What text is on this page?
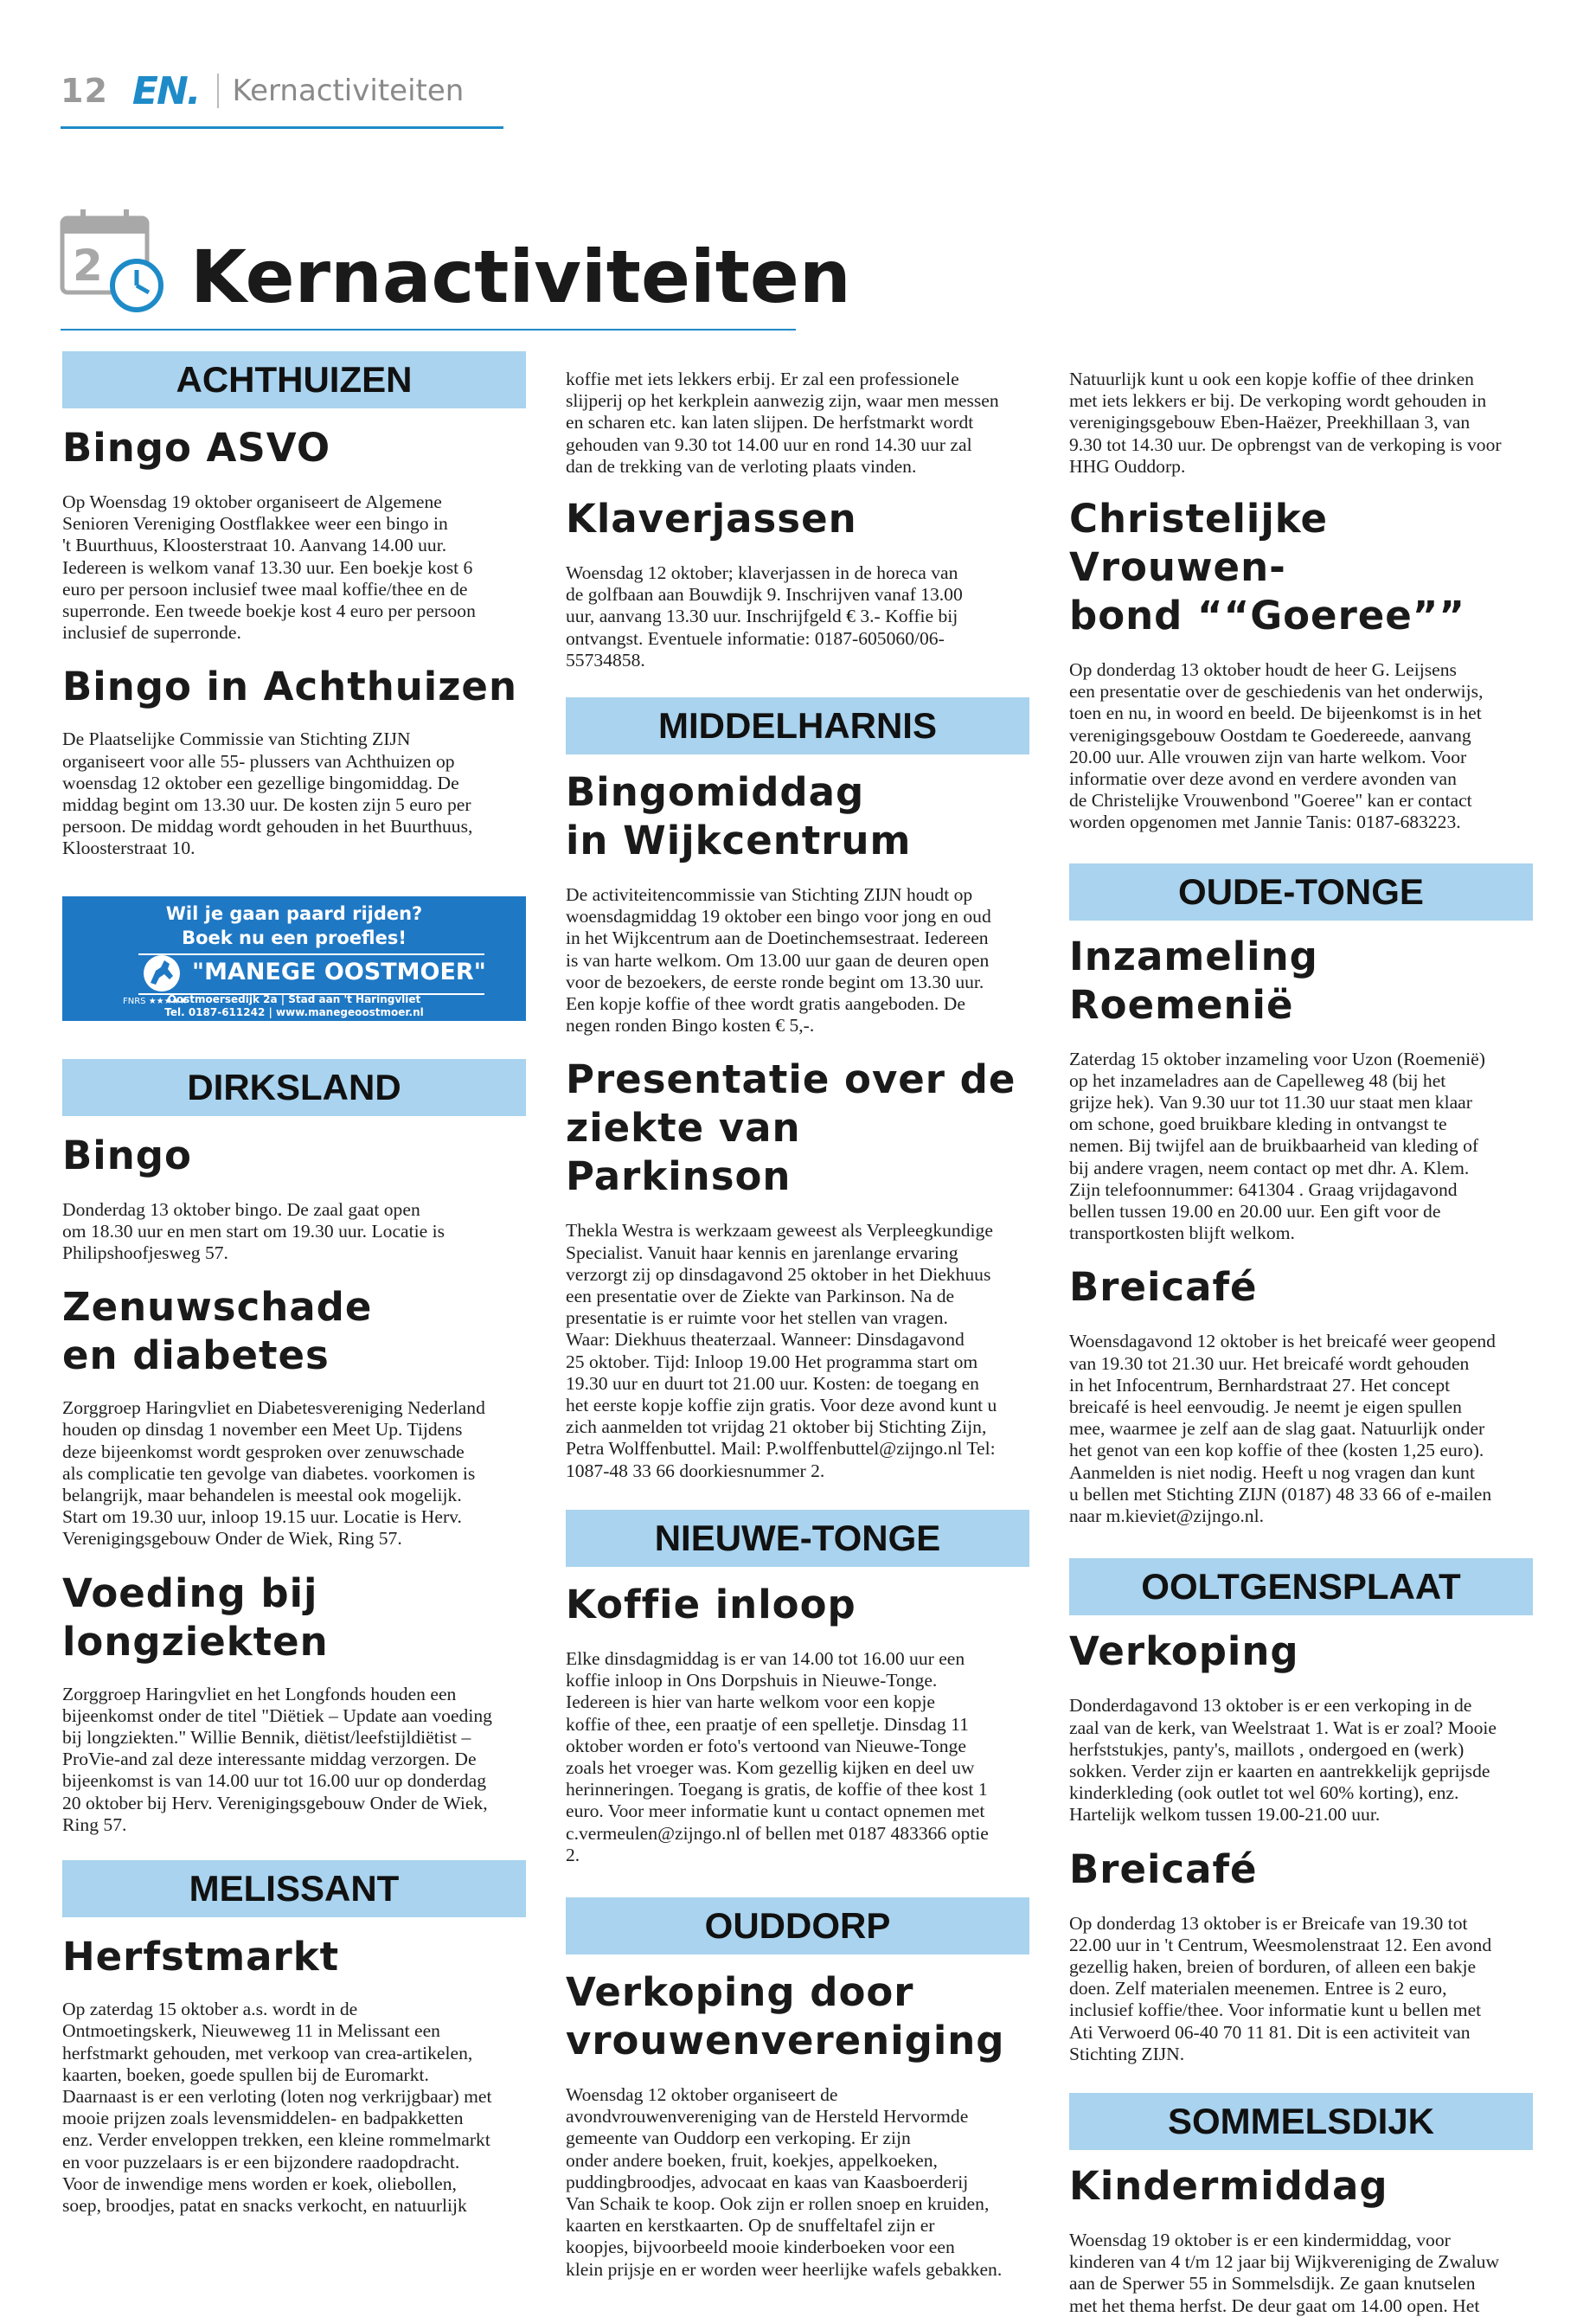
12 EN. Kernactiviteiten
2 Kernactiviteiten
ACHTHUIZEN
Bingo ASVO

Op Woensdag 19 oktober organiseert de Algemene
Senioren Vereniging Oostflakkee weer een bingo in
't Buurthuus, Kloosterstraat 10. Aanvang 14.00 uur.
Iedereen is welkom vanaf 13.30 uur. Een boekje kost 6
euro per persoon inclusief twee maal koffie/thee en de
superronde. Een tweede boekje kost 4 euro per persoon
inclusief de superronde.

Bingo in Achthuizen

De Plaatselijke Commissie van Stichting ZIJN
organiseert voor alle 55- plussers van Achthuizen op
woensdag 12 oktober een gezellige bingomiddag. De
middag begint om 13.30 uur. De kosten zijn 5 euro per
persoon. De middag wordt gehouden in het Buurthuus,
Kloosterstraat 10.

Wil je gaan paard rijden?
Boek nu een proefles!
"MANEGE OOSTMOER"
FNRS ★★★★★
Oostmoersedijk 2a | Stad aan 't Haringvliet
Tel. 0187-611242 | www.manegeoostmoer.nl
DIRKSLAND
Bingo

Donderdag 13 oktober bingo. De zaal gaat open
om 18.30 uur en men start om 19.30 uur. Locatie is
Philipshoofjesweg 57.

Zenuwschade
en diabetes

Zorggroep Haringvliet en Diabetesvereniging Nederland
houden op dinsdag 1 november een Meet Up. Tijdens
deze bijeenkomst wordt gesproken over zenuwschade
als complicatie ten gevolge van diabetes. voorkomen is
belangrijk, maar behandelen is meestal ook mogelijk.
Start om 19.30 uur, inloop 19.15 uur. Locatie is Herv.
Verenigingsgebouw Onder de Wiek, Ring 57.

Voeding bij longziekten

Zorggroep Haringvliet en het Longfonds houden een
bijeenkomst onder de titel "Diëtiek – Update aan voeding
bij longziekten." Willie Bennik, diëtist/leefstijldiëtist –
ProVie-and zal deze interessante middag verzorgen. De
bijeenkomst is van 14.00 uur tot 16.00 uur op donderdag
20 oktober bij Herv. Verenigingsgebouw Onder de Wiek,
Ring 57.

MELISSANT
Herfstmarkt

Op zaterdag 15 oktober a.s. wordt in de
Ontmoetingskerk, Nieuweweg 11 in Melissant een
herfstmarkt gehouden, met verkoop van crea-artikelen,
kaarten, boeken, goede spullen bij de Euromarkt.
Daarnaast is er een verloting (loten nog verkrijgbaar) met
mooie prijzen zoals levensmiddelen- en badpakketten
enz. Verder enveloppen trekken, een kleine rommelmarkt
en voor puzzelaars is er een bijzondere raadopdracht.
Voor de inwendige mens worden er koek, oliebollen,
soep, broodjes, patat en snacks verkocht, en natuurlijk

koffie met iets lekkers erbij. Er zal een professionele
slijperij op het kerkplein aanwezig zijn, waar men messen
en scharen etc. kan laten slijpen. De herfstmarkt wordt
gehouden van 9.30 tot 14.00 uur en rond 14.30 uur zal
dan de trekking van de verloting plaats vinden.

Klaverjassen

Woensdag 12 oktober; klaverjassen in de horeca van
de golfbaan aan Bouwdijk 9. Inschrijven vanaf 13.00
uur, aanvang 13.30 uur. Inschrijfgeld € 3.- Koffie bij
ontvangst. Eventuele informatie: 0187-605060/06-
55734858.

MIDDELHARNIS
Bingomiddag
in Wijkcentrum

De activiteitencommissie van Stichting ZIJN houdt op
woensdagmiddag 19 oktober een bingo voor jong en oud
in het Wijkcentrum aan de Doetinchemsestraat. Iedereen
is van harte welkom. Om 13.00 uur gaan de deuren open
voor de bezoekers, de eerste ronde begint om 13.30 uur.
Een kopje koffie of thee wordt gratis aangeboden. De
negen ronden Bingo kosten € 5,-.

Presentatie over de
ziekte van Parkinson

Thekla Westra is werkzaam geweest als Verpleegkundige
Specialist. Vanuit haar kennis en jarenlange ervaring
verzorgt zij op dinsdagavond 25 oktober in het Diekhuus
een presentatie over de Ziekte van Parkinson. Na de
presentatie is er ruimte voor het stellen van vragen.
Waar: Diekhuus theaterzaal. Wanneer: Dinsdagavond
25 oktober. Tijd: Inloop 19.00 Het programma start om
19.30 uur en duurt tot 21.00 uur. Kosten: de toegang en
het eerste kopje koffie zijn gratis. Voor deze avond kunt u
zich aanmelden tot vrijdag 21 oktober bij Stichting Zijn,
Petra Wolffenbuttel. Mail: P.wolffenbuttel@zijngo.nl Tel:
1087-48 33 66 doorkiesnummer 2.

NIEUWE-TONGE
Koffie inloop

Elke dinsdagmiddag is er van 14.00 tot 16.00 uur een
koffie inloop in Ons Dorpshuis in Nieuwe-Tonge.
Iedereen is hier van harte welkom voor een kopje
koffie of thee, een praatje of een spelletje. Dinsdag 11
oktober worden er foto's vertoond van Nieuwe-Tonge
zoals het vroeger was. Kom gezellig kijken en deel uw
herinneringen. Toegang is gratis, de koffie of thee kost 1
euro. Voor meer informatie kunt u contact opnemen met
c.vermeulen@zijngo.nl of bellen met 0187 483366 optie
2.

OUDDORP
Verkoping door
vrouwenvereniging

Woensdag 12 oktober organiseert de
avondvrouwenvereniging van de Hersteld Hervormde
gemeente van Ouddorp een verkoping. Er zijn
onder andere boeken, fruit, koekjes, appelkoeken,
puddingbroodjes, advocaat en kaas van Kaasboerderij
Van Schaik te koop. Ook zijn er rollen snoep en kruiden,
kaarten en kerstkaarten. Op de snuffeltafel zijn er
koopjes, bijvoorbeeld mooie kinderboeken voor een
klein prijsje en er worden weer heerlijke wafels gebakken.

Natuurlijk kunt u ook een kopje koffie of thee drinken
met iets lekkers er bij. De verkoping wordt gehouden in
verenigingsgebouw Eben-Haëzer, Preekhillaan 3, van
9.30 tot 14.30 uur. De opbrengst van de verkoping is voor
HHG Ouddorp.

Christelijke Vrouwen-
bond ““Goeree””

Op donderdag 13 oktober houdt de heer G. Leijsens
een presentatie over de geschiedenis van het onderwijs,
toen en nu, in woord en beeld. De bijeenkomst is in het
verenigingsgebouw Oostdam te Goedereede, aanvang
20.00 uur. Alle vrouwen zijn van harte welkom. Voor
informatie over deze avond en verdere avonden van
de Christelijke Vrouwenbond "Goeree" kan er contact
worden opgenomen met Jannie Tanis: 0187-683223.

OUDE-TONGE
Inzameling Roemenië

Zaterdag 15 oktober inzameling voor Uzon (Roemenië)
op het inzameladres aan de Capelleweg 48 (bij het
grijze hek). Van 9.30 uur tot 11.30 uur staat men klaar
om schone, goed bruikbare kleding in ontvangst te
nemen. Bij twijfel aan de bruikbaarheid van kleding of
bij andere vragen, neem contact op met dhr. A. Klem.
Zijn telefoonnummer: 641304 . Graag vrijdagavond
bellen tussen 19.00 en 20.00 uur. Een gift voor de
transportkosten blijft welkom.

Breicafé

Woensdagavond 12 oktober is het breicafé weer geopend
van 19.30 tot 21.30 uur. Het breicafé wordt gehouden
in het Infocentrum, Bernhardstraat 27. Het concept
breicafé is heel eenvoudig. Je neemt je eigen spullen
mee, waarmee je zelf aan de slag gaat. Natuurlijk onder
het genot van een kop koffie of thee (kosten 1,25 euro).
Aanmelden is niet nodig. Heeft u nog vragen dan kunt
u bellen met Stichting ZIJN (0187) 48 33 66 of e-mailen
naar m.kieviet@zijngo.nl.

OOLTGENSPLAAT
Verkoping

Donderdagavond 13 oktober is er een verkoping in de
zaal van de kerk, van Weelstraat 1. Wat is er zoal? Mooie
herfststukjes, panty's, maillots , ondergoed en (werk)
sokken. Verder zijn er kaarten en aantrekkelijk geprijsde
kinderkleding (ook outlet tot wel 60% korting), enz.
Hartelijk welkom tussen 19.00-21.00 uur.

Breicafé

Op donderdag 13 oktober is er Breicafe van 19.30 tot
22.00 uur in 't Centrum, Weesmolenstraat 12. Een avond
gezellig haken, breien of borduren, of alleen een bakje
doen. Zelf materialen meenemen. Entree is 2 euro,
inclusief koffie/thee. Voor informatie kunt u bellen met
Ati Verwoerd 06-40 70 11 81. Dit is een activiteit van
Stichting ZIJN.

SOMMELSDIJK
Kindermiddag

Woensdag 19 oktober is er een kindermiddag, voor
kinderen van 4 t/m 12 jaar bij Wijkvereniging de Zwaluw
aan de Sperwer 55 in Sommelsdijk. Ze gaan knutselen
met het thema herfst. De deur gaat om 14.00 open. Het
